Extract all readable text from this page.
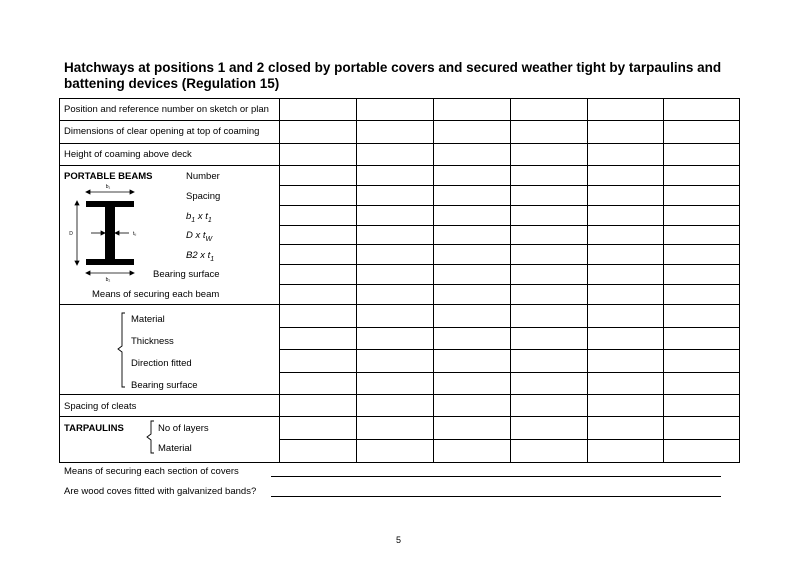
Hatchways at positions 1 and 2 closed by portable covers and secured weather tight by tarpaulins and
battening devices (Regulation 15)
Position and reference number on sketch or plan
Dimensions of clear opening at top of coaming
Height of coaming above deck
PORTABLE BEAMS	Number
Spacing
$b_1$ x $t_1$
D x $t_W$
B2 x $t_1$
Bearing surface
Means of securing each beam
b₁
b₂
D	tᵤ
Material
Thickness
Direction fitted
Bearing surface
Spacing of cleats
TARPAULINS	No of layers
Material
Means of securing each section of covers
Are wood coves fitted with galvanized bands?
5
